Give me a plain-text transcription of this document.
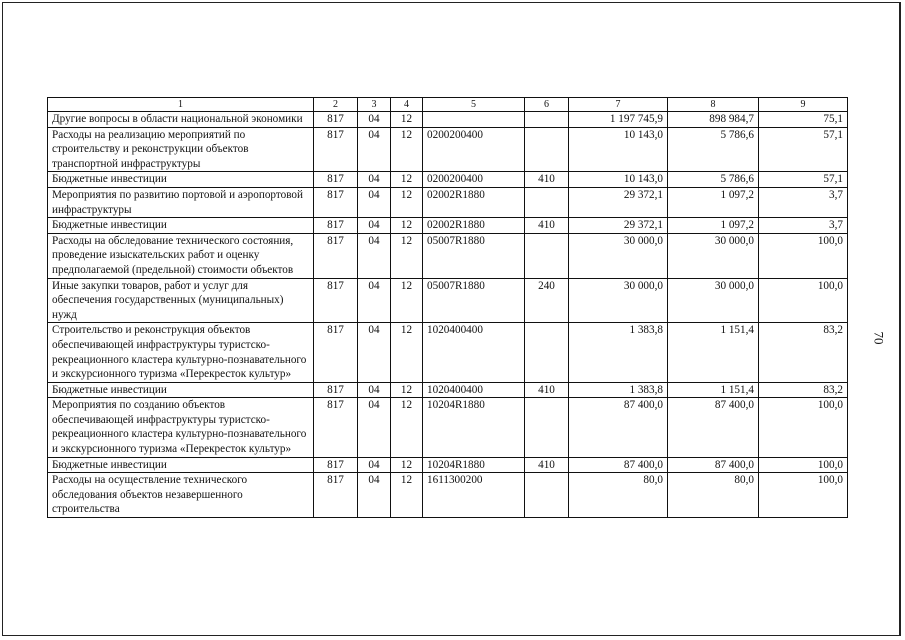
70
1	2	3	4	5	6	7	8	9
Другие вопросы в области национальной экономики	817	04	12			1 197 745,9	898 984,7	75,1
Расходы на реализацию мероприятий по строительству и реконструкции объектов транспортной инфраструктуры	817	04	12	0200200400		10 143,0	5 786,6	57,1
Бюджетные инвестиции	817	04	12	0200200400	410	10 143,0	5 786,6	57,1
Мероприятия по развитию портовой и аэропортовой инфраструктуры	817	04	12	02002R1880		29 372,1	1 097,2	3,7
Бюджетные инвестиции	817	04	12	02002R1880	410	29 372,1	1 097,2	3,7
Расходы на обследование технического состояния, проведение изыскательских работ и оценку предполагаемой (предельной) стоимости объектов	817	04	12	05007R1880		30 000,0	30 000,0	100,0
Иные закупки товаров, работ и услуг для обеспечения государственных (муниципальных) нужд	817	04	12	05007R1880	240	30 000,0	30 000,0	100,0
Строительство и реконструкция объектов обеспечивающей инфраструктуры туристско-рекреационного кластера культурно-познавательного и экскурсионного туризма «Перекресток культур»	817	04	12	1020400400		1 383,8	1 151,4	83,2
Бюджетные инвестиции	817	04	12	1020400400	410	1 383,8	1 151,4	83,2
Мероприятия по созданию объектов обеспечивающей инфраструктуры туристско-рекреационного кластера культурно-познавательного и экскурсионного туризма «Перекресток культур»	817	04	12	10204R1880		87 400,0	87 400,0	100,0
Бюджетные инвестиции	817	04	12	10204R1880	410	87 400,0	87 400,0	100,0
Расходы на осуществление технического обследования объектов незавершенного строительства	817	04	12	1611300200		80,0	80,0	100,0
